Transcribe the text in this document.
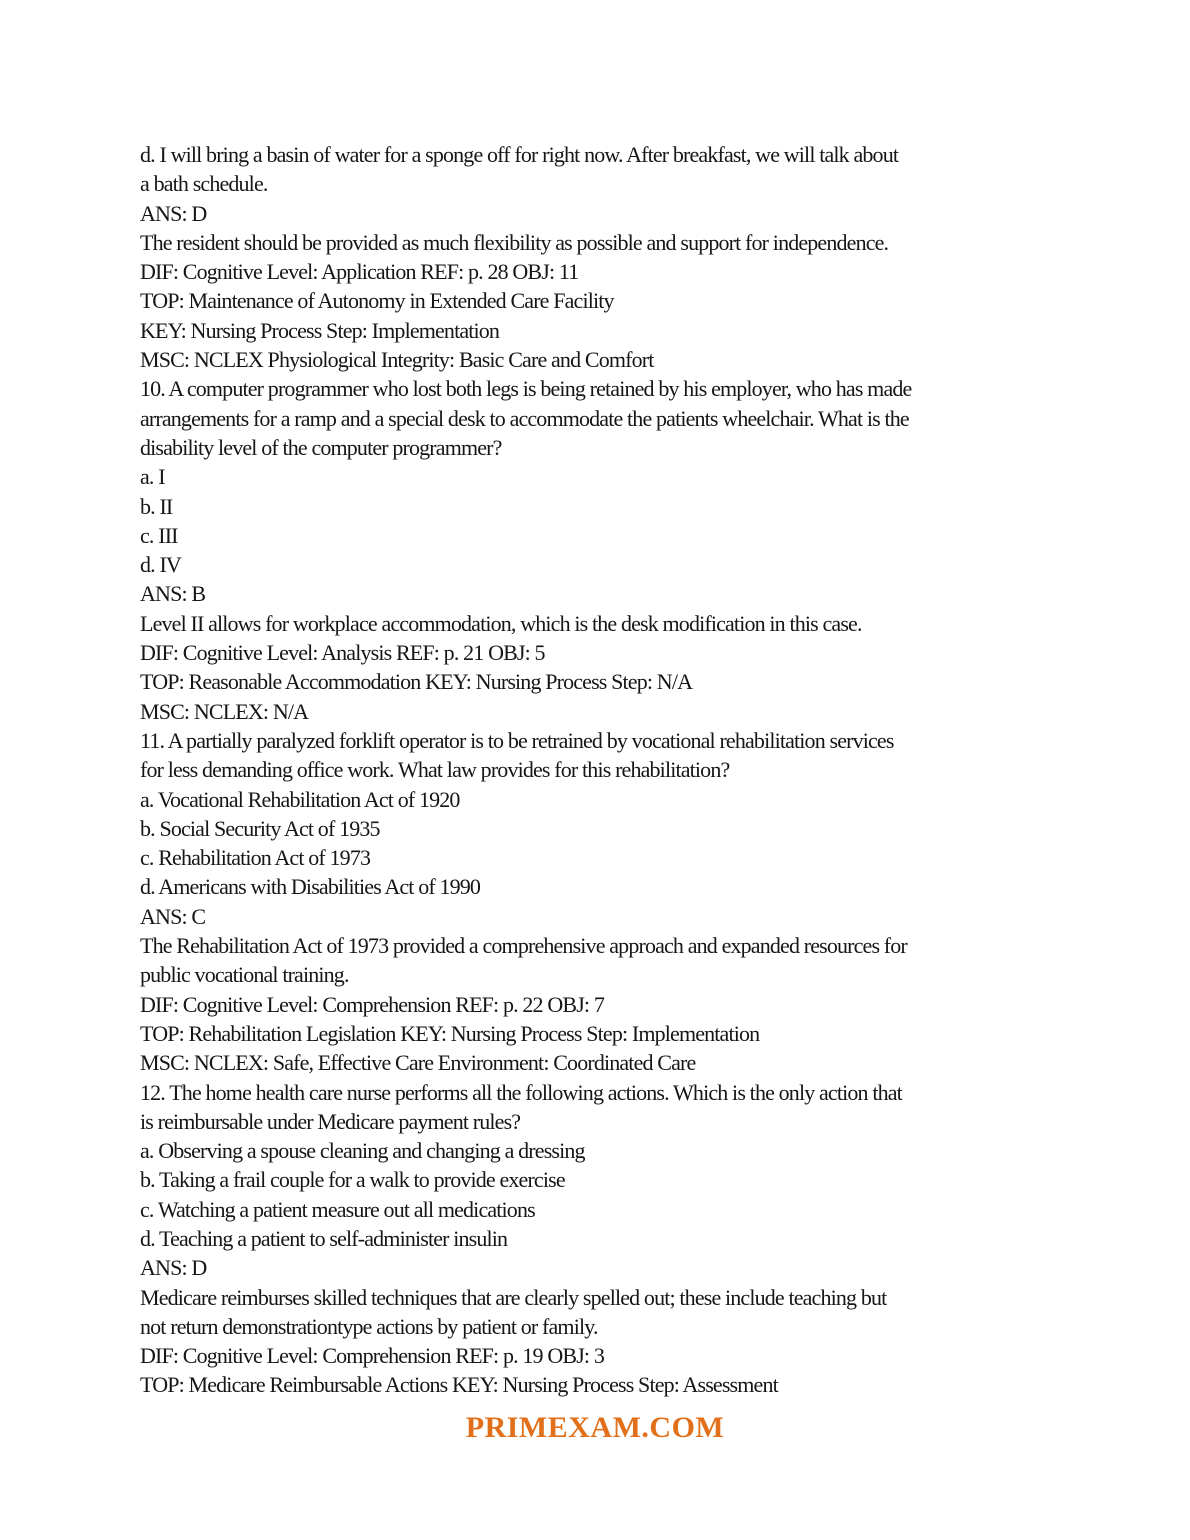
d. I will bring a basin of water for a sponge off for right now. After breakfast, we will talk about
a bath schedule.
ANS: D
The resident should be provided as much flexibility as possible and support for independence.
DIF: Cognitive Level: Application REF: p. 28 OBJ: 11
TOP: Maintenance of Autonomy in Extended Care Facility
KEY: Nursing Process Step: Implementation
MSC: NCLEX Physiological Integrity: Basic Care and Comfort
10. A computer programmer who lost both legs is being retained by his employer, who has made
arrangements for a ramp and a special desk to accommodate the patients wheelchair. What is the
disability level of the computer programmer?
a. I
b. II
c. III
d. IV
ANS: B
Level II allows for workplace accommodation, which is the desk modification in this case.
DIF: Cognitive Level: Analysis REF: p. 21 OBJ: 5
TOP: Reasonable Accommodation KEY: Nursing Process Step: N/A
MSC: NCLEX: N/A
11. A partially paralyzed forklift operator is to be retrained by vocational rehabilitation services
for less demanding office work. What law provides for this rehabilitation?
a. Vocational Rehabilitation Act of 1920
b. Social Security Act of 1935
c. Rehabilitation Act of 1973
d. Americans with Disabilities Act of 1990
ANS: C
The Rehabilitation Act of 1973 provided a comprehensive approach and expanded resources for
public vocational training.
DIF: Cognitive Level: Comprehension REF: p. 22 OBJ: 7
TOP: Rehabilitation Legislation KEY: Nursing Process Step: Implementation
MSC: NCLEX: Safe, Effective Care Environment: Coordinated Care
12. The home health care nurse performs all the following actions. Which is the only action that
is reimbursable under Medicare payment rules?
a. Observing a spouse cleaning and changing a dressing
b. Taking a frail couple for a walk to provide exercise
c. Watching a patient measure out all medications
d. Teaching a patient to self-administer insulin
ANS: D
Medicare reimburses skilled techniques that are clearly spelled out; these include teaching but
not return demonstrationtype actions by patient or family.
DIF: Cognitive Level: Comprehension REF: p. 19 OBJ: 3
TOP: Medicare Reimbursable Actions KEY: Nursing Process Step: Assessment
PRIMEXAM.COM
